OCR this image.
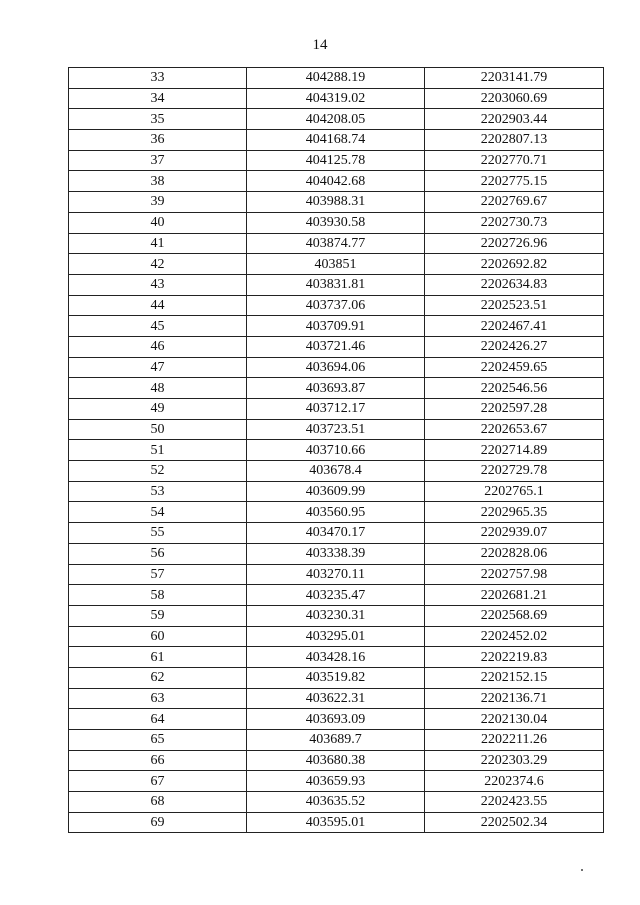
14
33	404288.19	2203141.79
34	404319.02	2203060.69
35	404208.05	2202903.44
36	404168.74	2202807.13
37	404125.78	2202770.71
38	404042.68	2202775.15
39	403988.31	2202769.67
40	403930.58	2202730.73
41	403874.77	2202726.96
42	403851	2202692.82
43	403831.81	2202634.83
44	403737.06	2202523.51
45	403709.91	2202467.41
46	403721.46	2202426.27
47	403694.06	2202459.65
48	403693.87	2202546.56
49	403712.17	2202597.28
50	403723.51	2202653.67
51	403710.66	2202714.89
52	403678.4	2202729.78
53	403609.99	2202765.1
54	403560.95	2202965.35
55	403470.17	2202939.07
56	403338.39	2202828.06
57	403270.11	2202757.98
58	403235.47	2202681.21
59	403230.31	2202568.69
60	403295.01	2202452.02
61	403428.16	2202219.83
62	403519.82	2202152.15
63	403622.31	2202136.71
64	403693.09	2202130.04
65	403689.7	2202211.26
66	403680.38	2202303.29
67	403659.93	2202374.6
68	403635.52	2202423.55
69	403595.01	2202502.34
